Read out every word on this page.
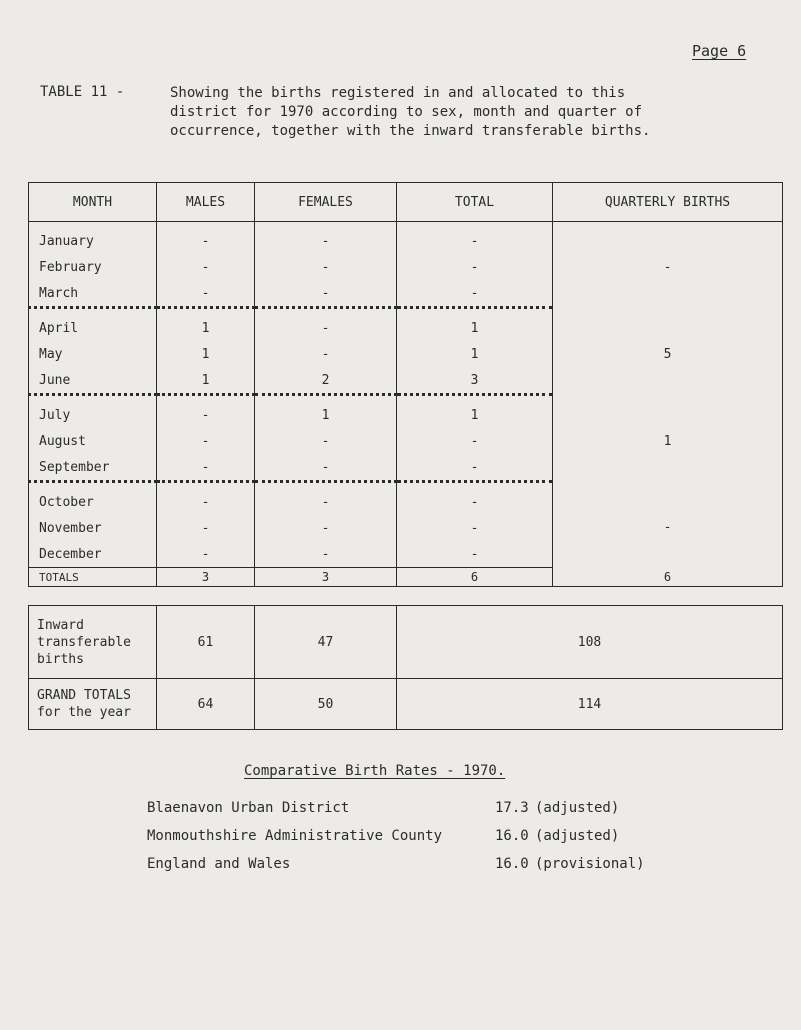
Page 6
TABLE 11 -	Showing the births registered in and allocated to this district for 1970 according to sex, month and quarter of occurrence, together with the inward transferable births.
MONTH	MALES	FEMALES	TOTAL	QUARTERLY BIRTHS
January	-	-	-	-
February	-	-	-	
March	-	-	-	
April	1	-	1	5
May	1	-	1	
June	1	2	3	
July	-	1	1	1
August	-	-	-	
September	-	-	-	
October	-	-	-	-
November	-	-	-	
December	-	-	-	
TOTALS	3	3	6	6

Inward transferable births	61	47	108	
GRAND TOTALS for the year	64	50	114	
Comparative Birth Rates - 1970.
Blaenavon Urban District	17.3 (adjusted)
Monmouthshire Administrative County	16.0 (adjusted)
England and Wales	16.0 (provisional)
